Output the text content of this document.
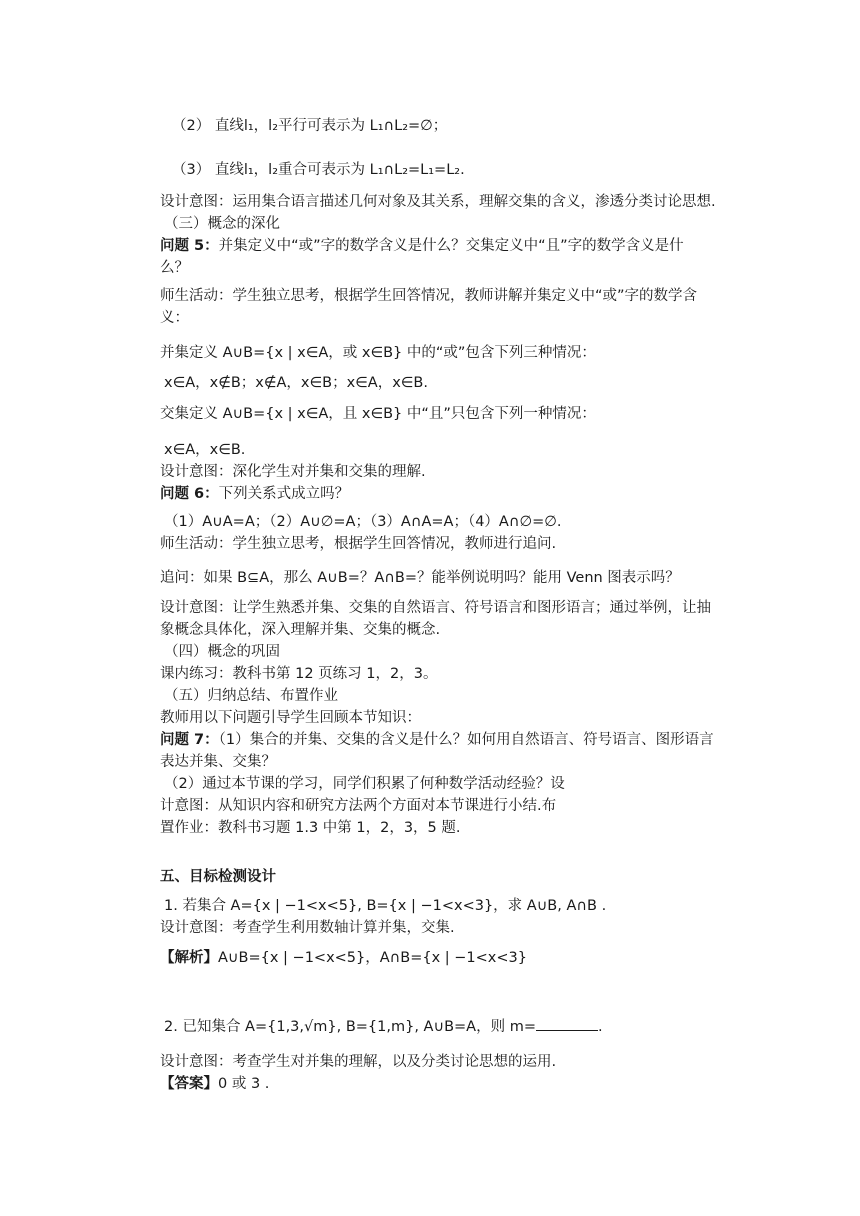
（2） 直线l₁，l₂平行可表示为 L₁∩L₂=∅；
（3） 直线l₁，l₂重合可表示为 L₁∩L₂=L₁=L₂.
设计意图：运用集合语言描述几何对象及其关系，理解交集的含义，渗透分类讨论思想.
（三）概念的深化
问题 5：并集定义中“或”字的数学含义是什么？交集定义中“且”字的数学含义是什
么？
师生活动：学生独立思考，根据学生回答情况，教师讲解并集定义中“或”字的数学含
义：
并集定义 A∪B={x | x∈A，或 x∈B} 中的“或”包含下列三种情况：
x∈A，x∉B；x∉A，x∈B；x∈A，x∈B.
交集定义 A∪B={x | x∈A，且 x∈B} 中“且”只包含下列一种情况：
x∈A，x∈B.
设计意图：深化学生对并集和交集的理解.
问题 6：下列关系式成立吗？
（1）A∪A=A；（2）A∪∅=A；（3）A∩A=A；（4）A∩∅=∅.
师生活动：学生独立思考，根据学生回答情况，教师进行追问.
追问：如果 B⊆A，那么 A∪B=？A∩B=？能举例说明吗？能用 Venn 图表示吗？
设计意图：让学生熟悉并集、交集的自然语言、符号语言和图形语言；通过举例，让抽
象概念具体化，深入理解并集、交集的概念.
（四）概念的巩固
课内练习：教科书第 12 页练习 1，2，3。
（五）归纳总结、布置作业
教师用以下问题引导学生回顾本节知识：
问题 7：（1）集合的并集、交集的含义是什么？如何用自然语言、符号语言、图形语言
表达并集、交集？
（2）通过本节课的学习，同学们积累了何种数学活动经验？设
计意图：从知识内容和研究方法两个方面对本节课进行小结.布
置作业：教科书习题 1.3 中第 1，2，3，5 题.
五、目标检测设计
1. 若集合 A={x | −1<x<5}, B={x | −1<x<3}，求 A∪B, A∩B .
设计意图：考查学生利用数轴计算并集，交集.
【解析】A∪B={x | −1<x<5}，A∩B={x | −1<x<3}
2. 已知集合 A={1,3,√m}, B={1,m}, A∪B=A，则 m=	.
设计意图：考查学生对并集的理解，以及分类讨论思想的运用.
【答案】0 或 3 .
